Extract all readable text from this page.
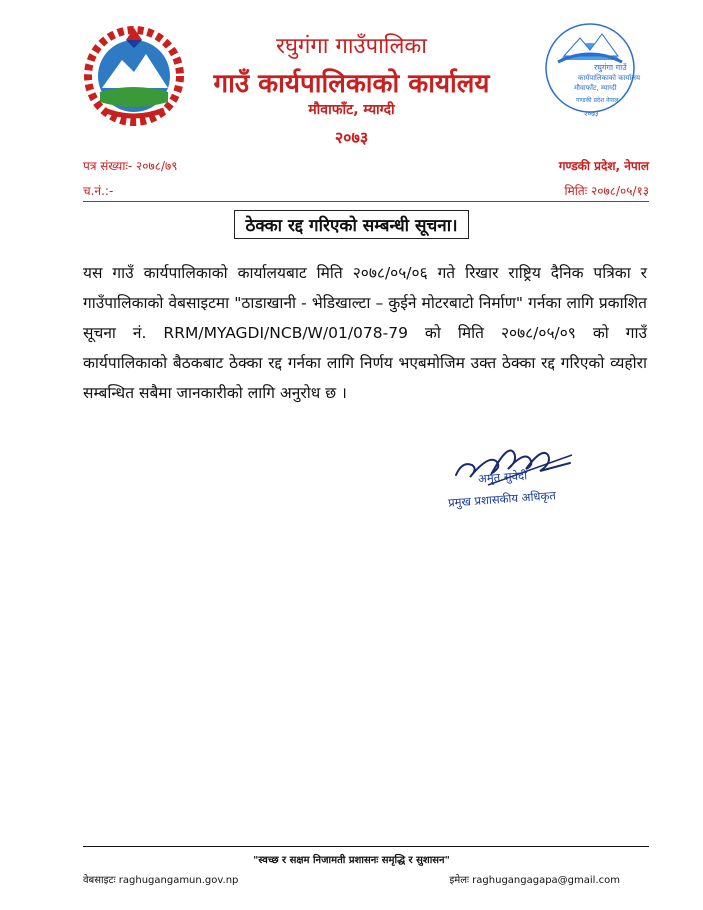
रघुगंगा गाउँ
कार्यपालिकाको कार्यालय
मौवाफाँट, म्याग्दी
गण्डकी प्रदेश नेपाल
२०७३
रघुगंगा गाउँपालिका
गाउँ कार्यपालिकाको कार्यालय
मौवाफाँट, म्याग्दी
२०७३
पत्र संख्याः- २०७८/७९
च.नं.:-
गण्डकी प्रदेश, नेपाल
मितिः २०७८/०५/१३
ठेक्का रद्द गरिएको सम्बन्धी सूचना।
यस गाउँ कार्यपालिकाको कार्यालयबाट मिति २०७८/०५/०६ गते रिखार राष्ट्रिय दैनिक पत्रिका र गाउँपालिकाको वेबसाइटमा "ठाडाखानी - भेडिखाल्टा – कुईने मोटरबाटो निर्माण" गर्नका लागि प्रकाशित सूचना नं. RRM/MYAGDI/NCB/W/01/078-79 को मिति २०७८/०५/०९ को गाउँ कार्यपालिकाको बैठकबाट ठेक्का रद्द गर्नका लागि निर्णय भएबमोजिम उक्त ठेक्का रद्द गरिएको व्यहोरा सम्बन्धित सबैमा जानकारीको लागि अनुरोध छ ।
अमृत सुवेदी
प्रमुख प्रशासकीय अधिकृत
"स्वच्छ र सक्षम निजामती प्रशासनः समृद्धि र सुशासन"
वेबसाइटः raghugangamun.gov.np	इमेलः raghugangagapa@gmail.com
